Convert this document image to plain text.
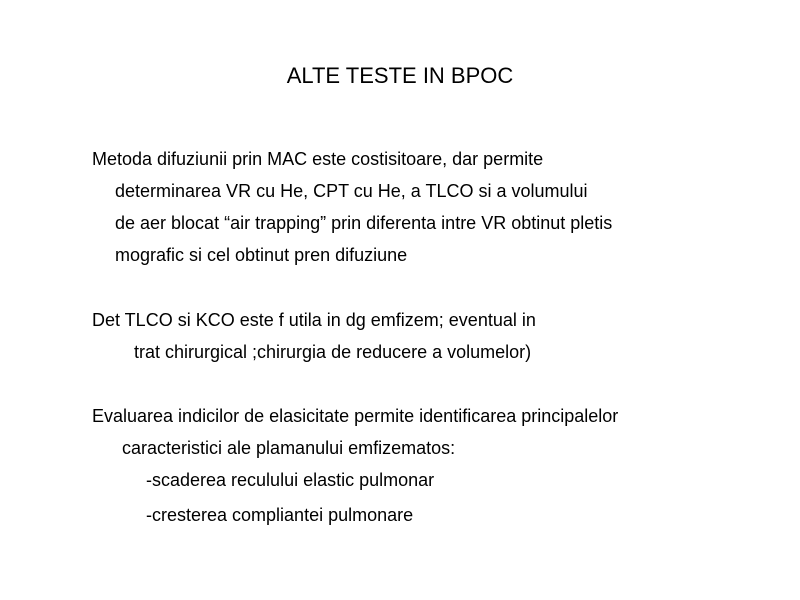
ALTE TESTE IN BPOC
Metoda difuziunii prin MAC este costisitoare, dar permite
determinarea VR cu He, CPT cu He, a TLCO si a volumului
de aer blocat “air trapping” prin diferenta intre VR obtinut pletis
mografic si cel obtinut pren difuziune
Det TLCO si KCO este f utila in dg emfizem; eventual in
trat chirurgical ;chirurgia de reducere a volumelor)
Evaluarea indicilor de elasicitate permite identificarea principalelor
caracteristici ale plamanului emfizematos:
-scaderea reculului elastic pulmonar
-cresterea compliantei pulmonare
